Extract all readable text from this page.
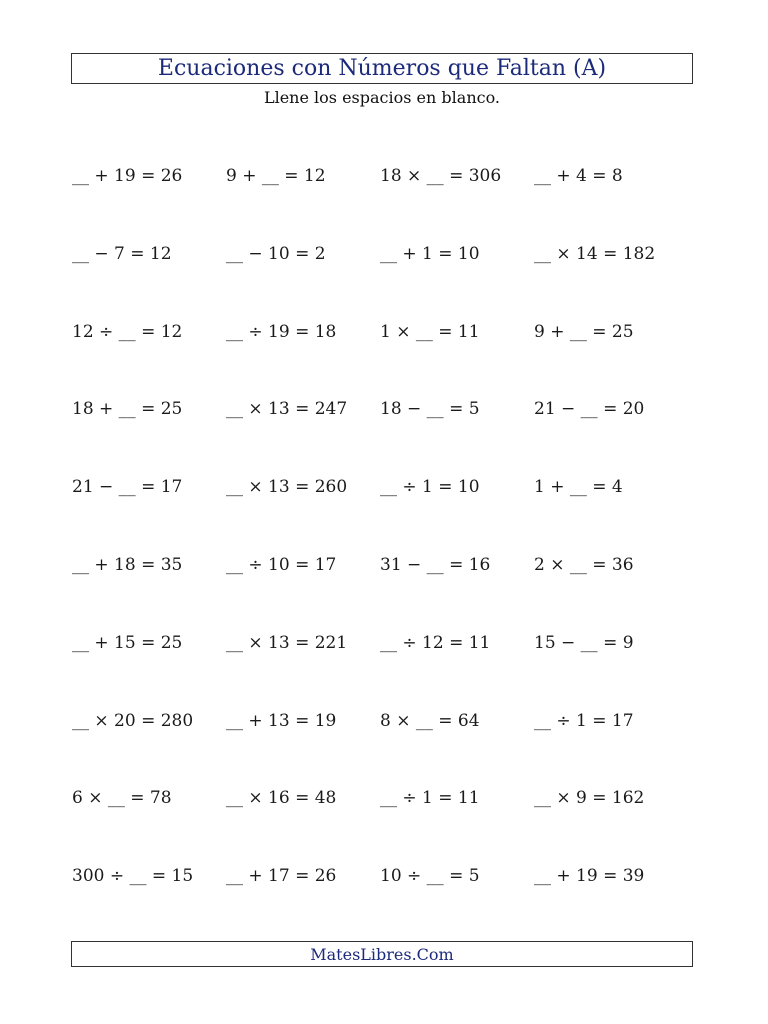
Ecuaciones con Números que Faltan (A)
Llene los espacios en blanco.
__ + 19 = 26	9 + __ = 12	18 × __ = 306	__ + 4 = 8
__ − 7 = 12	__ − 10 = 2	__ + 1 = 10	__ × 14 = 182
12 ÷ __ = 12	__ ÷ 19 = 18	1 × __ = 11	9 + __ = 25
18 + __ = 25	__ × 13 = 247	18 − __ = 5	21 − __ = 20
21 − __ = 17	__ × 13 = 260	__ ÷ 1 = 10	1 + __ = 4
__ + 18 = 35	__ ÷ 10 = 17	31 − __ = 16	2 × __ = 36
__ + 15 = 25	__ × 13 = 221	__ ÷ 12 = 11	15 − __ = 9
__ × 20 = 280	__ + 13 = 19	8 × __ = 64	__ ÷ 1 = 17
6 × __ = 78	__ × 16 = 48	__ ÷ 1 = 11	__ × 9 = 162
300 ÷ __ = 15	__ + 17 = 26	10 ÷ __ = 5	__ + 19 = 39
MatesLibres.Com
